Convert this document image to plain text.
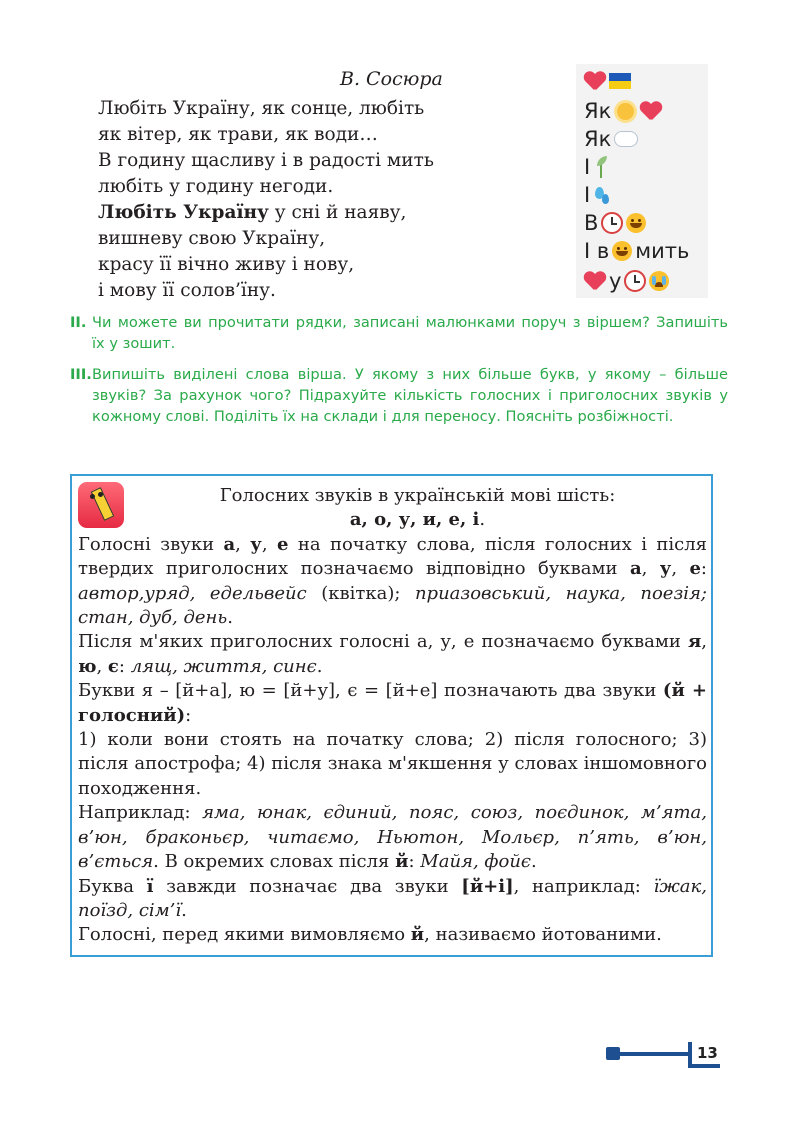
В. Сосюра
Любіть Україну, як сонце, любіть
як вітер, як трави, як води…
В годину щасливу і в радості мить
любіть у годину негоди.
Любіть Україну у сні й наяву,
вишневу свою Україну,
красу її вічно живу і нову,
і мову її солов’їну.
Як
Як
І
І
В
І в мить
у
II. Чи можете ви прочитати рядки, записані малюнками поруч з віршем? Запишіть їх у зошит.
III. Випишіть виділені слова вірша. У якому з них більше букв, у якому – більше звуків? За рахунок чого? Підрахуйте кількість голосних і приголосних звуків у кожному слові. Поділіть їх на склади і для переносу. Поясніть розбіжності.

Голосних звуків в українській мові шість:

а, о, у, и, е, і.

Голосні звуки а, у, е на початку слова, після голосних і після твердих приголосних позначаємо відповідно буквами а, у, е: автор,уряд, едельвейс (квітка); приазовський, наука, поезія; стан, дуб, день.

Після м'яких приголосних голосні а, у, е позначаємо буквами я, ю, є: лящ, життя, синє.

Букви я – [й+а], ю = [й+у], є = [й+е] позначають два звуки (й + голосний):

1) коли вони стоять на початку слова; 2) після голосного; 3) після апострофа; 4) після знака м'якшення у словах іншомовного походження.

Наприклад: яма, юнак, єдиний, пояс, союз, поєдинок, м’ята, в’юн, браконьєр, читаємо, Ньютон, Мольєр, п’ять, в’юн, в’ється. В окремих словах після й: Майя, фойє.

Буква ї завжди позначає два звуки [й+і], наприклад: їжак, поїзд, сім’ї.

Голосні, перед якими вимовляємо й, називаємо йотованими.

13
